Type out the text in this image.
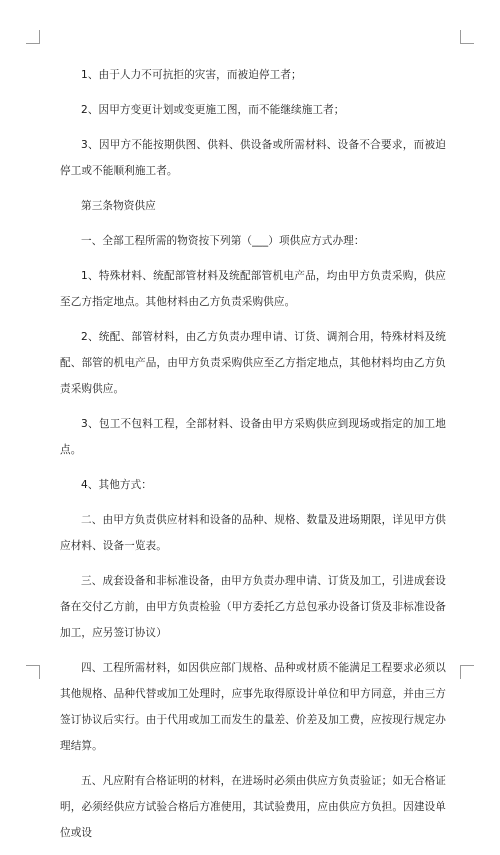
1、由于人力不可抗拒的灾害，而被迫停工者；

2、因甲方变更计划或变更施工图，而不能继续施工者；

3、因甲方不能按期供图、供料、供设备或所需材料、设备不合要求，而被迫停工或不能顺利施工者。

第三条物资供应

一、全部工程所需的物资按下列第（___）项供应方式办理：

1、特殊材料、统配部管材料及统配部管机电产品，均由甲方负责采购，供应至乙方指定地点。其他材料由乙方负责采购供应。

2、统配、部管材料，由乙方负责办理申请、订货、调剂合用，特殊材料及统配、部管的机电产品，由甲方负责采购供应至乙方指定地点，其他材料均由乙方负责采购供应。

3、包工不包料工程，全部材料、设备由甲方采购供应到现场或指定的加工地点。

4、其他方式：

二、由甲方负责供应材料和设备的品种、规格、数量及进场期限，详见甲方供应材料、设备一览表。

三、成套设备和非标准设备，由甲方负责办理申请、订货及加工，引进成套设备在交付乙方前，由甲方负责检验（甲方委托乙方总包承办设备订货及非标准设备加工，应另签订协议）

四、工程所需材料，如因供应部门规格、品种或材质不能满足工程要求必须以其他规格、品种代替或加工处理时，应事先取得原设计单位和甲方同意，并由三方签订协议后实行。由于代用或加工而发生的量差、价差及加工费，应按现行规定办理结算。

五、凡应附有合格证明的材料，在进场时必须由供应方负责验证；如无合格证明，必须经供应方试验合格后方准使用，其试验费用，应由供应方负担。因建设单位或设
